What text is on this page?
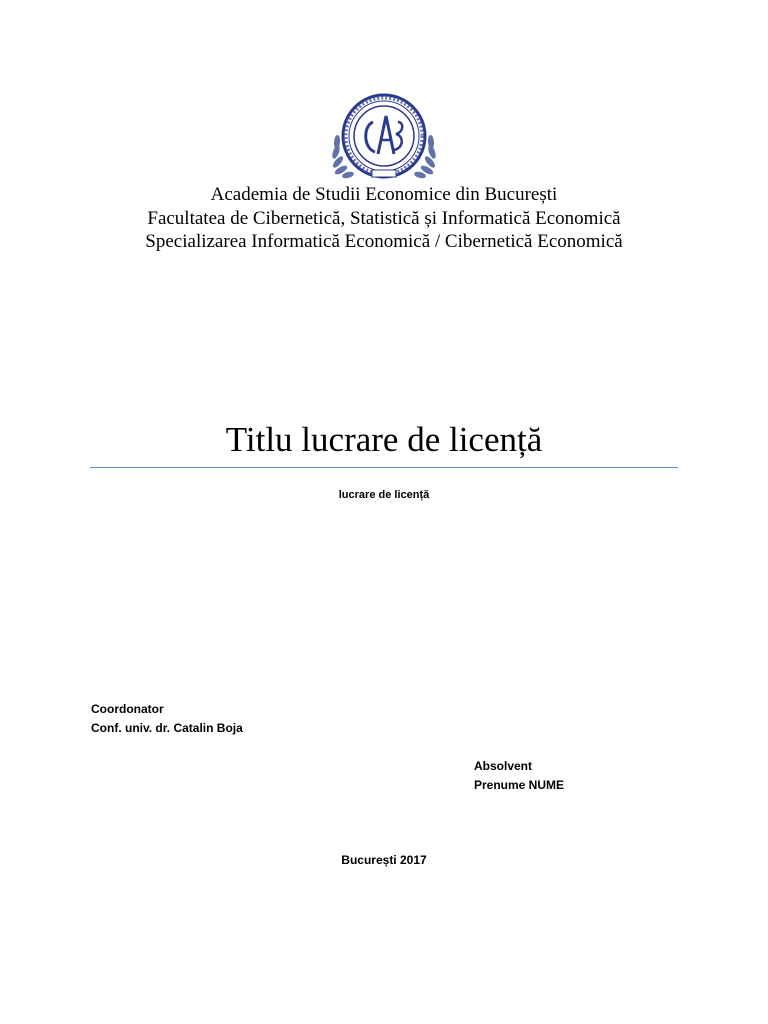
Academia de Studii Economice din București
Facultatea de Cibernetică, Statistică și Informatică Economică
Specializarea Informatică Economică / Cibernetică Economică
Titlu lucrare de licență
lucrare de licență
Coordonator
Conf. univ. dr. Catalin Boja
Absolvent
Prenume NUME
București 2017
